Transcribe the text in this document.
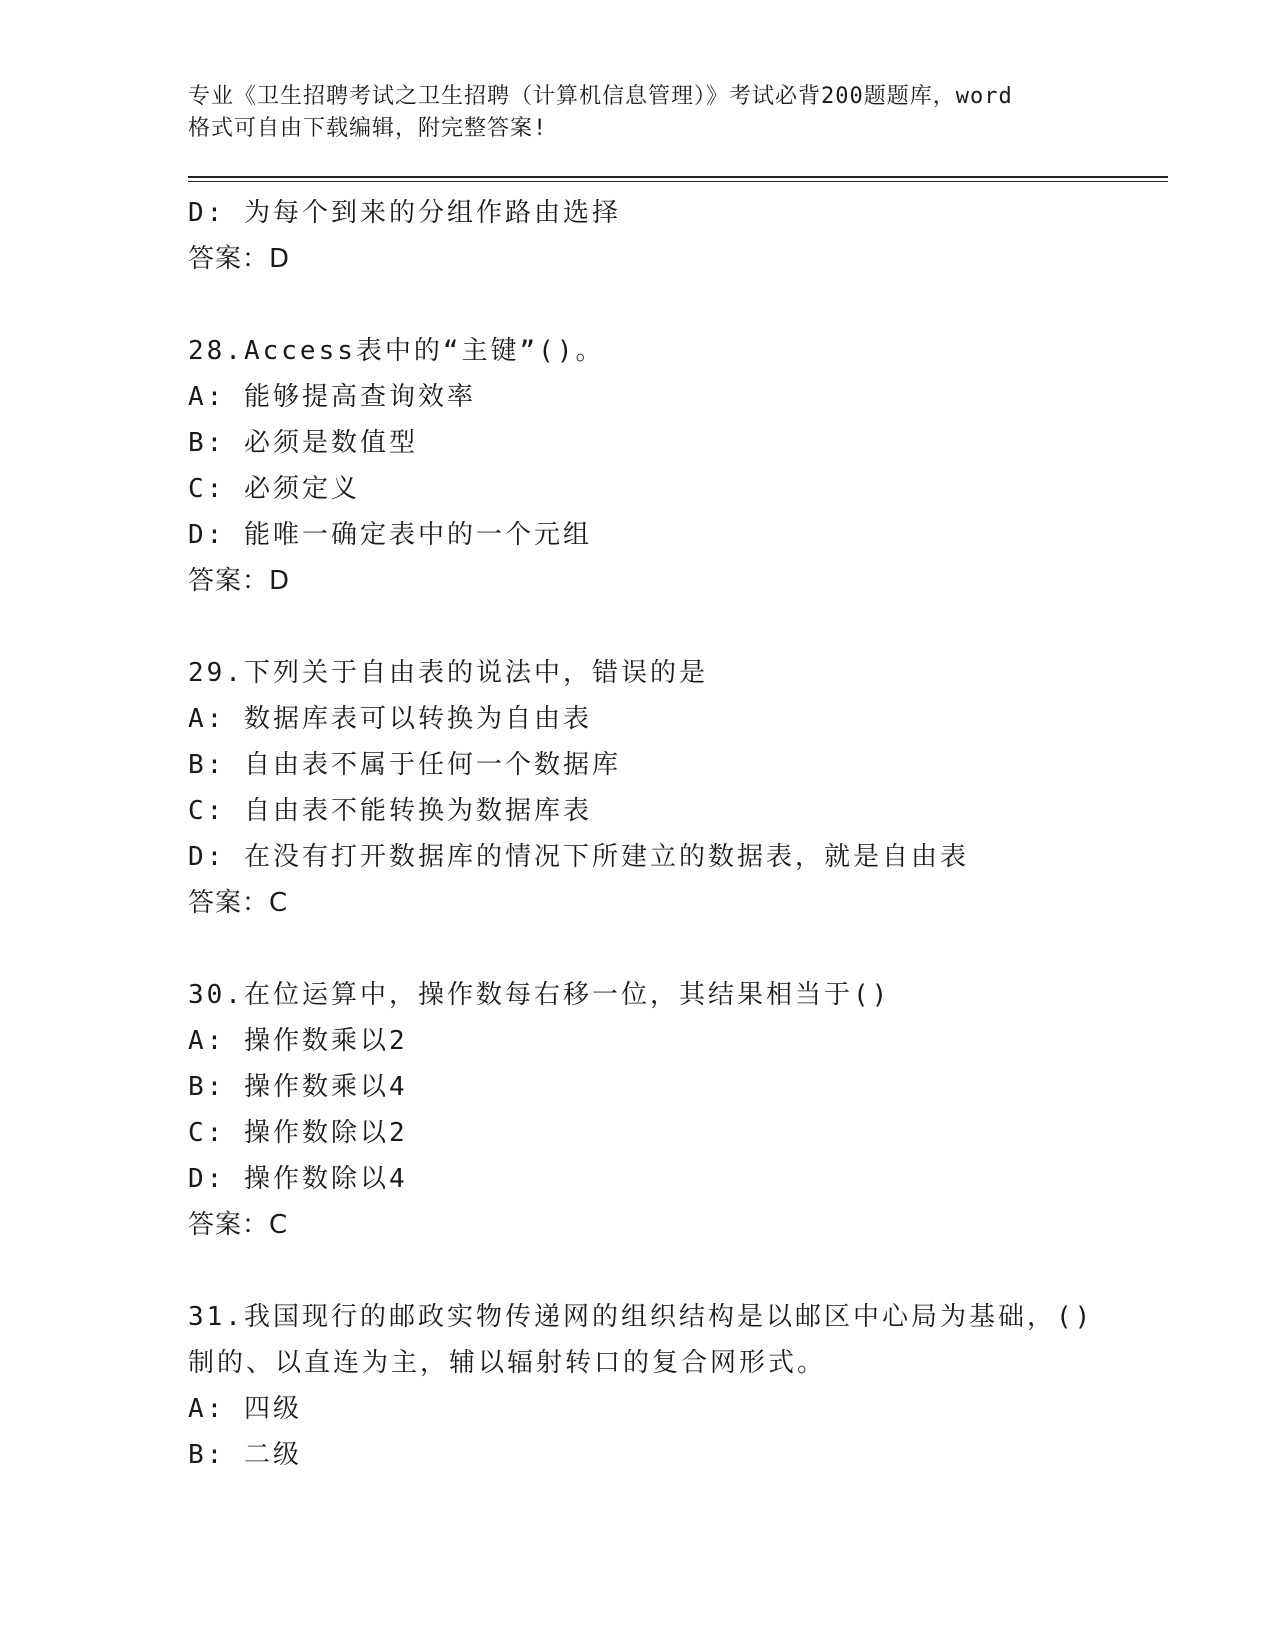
专业《卫生招聘考试之卫生招聘（计算机信息管理）》考试必背200题题库，word
格式可自由下载编辑，附完整答案!
D: 为每个到来的分组作路由选择
答案：D
28.Access表中的“主键”()。
A: 能够提高查询效率
B: 必须是数值型
C: 必须定义
D: 能唯一确定表中的一个元组
答案：D
29.下列关于自由表的说法中，错误的是
A: 数据库表可以转换为自由表
B: 自由表不属于任何一个数据库
C: 自由表不能转换为数据库表
D: 在没有打开数据库的情况下所建立的数据表，就是自由表
答案：C
30.在位运算中，操作数每右移一位，其结果相当于()
A: 操作数乘以2
B: 操作数乘以4
C: 操作数除以2
D: 操作数除以4
答案：C
31.我国现行的邮政实物传递网的组织结构是以邮区中心局为基础，()
制的、以直连为主，辅以辐射转口的复合网形式。
A: 四级
B: 二级
